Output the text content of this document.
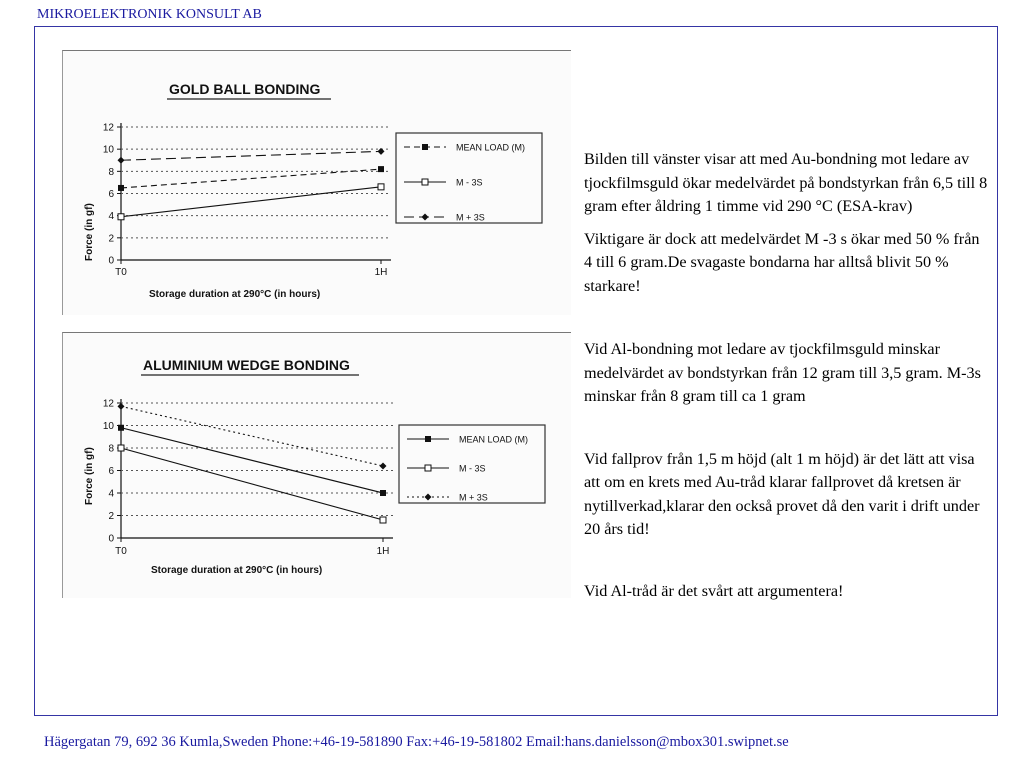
MIKROELEKTRONIK KONSULT AB
GOLD BALL BONDING
0
2
4
6
8
10
12
T0	1H
Force (in gf)
Storage duration at 290°C (in hours)
MEAN LOAD (M)
M - 3S
M + 3S
ALUMINIUM WEDGE BONDING
0
2
4
6
8
10
12
T0	1H
Force (in gf)
Storage duration at 290°C (in hours)
MEAN LOAD (M)
M - 3S
M + 3S

Bilden till vänster visar att med Au-bondning mot ledare av tjockfilmsguld ökar medelvärdet på bondstyrkan från 6,5 till 8 gram efter åldring 1 timme vid 290 °C (ESA-krav)

Viktigare är dock att medelvärdet M -3 s ökar med 50 % från 4 till 6 gram.De svagaste bondarna har alltså blivit 50 % starkare!

Vid Al-bondning mot ledare av tjockfilmsguld minskar medelvärdet av bondstyrkan från 12 gram till 3,5 gram. M-3s minskar från 8 gram till ca 1 gram

Vid fallprov från 1,5 m höjd (alt 1 m höjd) är det lätt att visa att om en krets med Au-tråd klarar fallprovet då kretsen är nytillverkad,klarar den också provet då den varit i drift under 20 års tid!

Vid Al-tråd är det svårt att argumentera!

Hägergatan 79, 692 36 Kumla,Sweden Phone:+46-19-581890 Fax:+46-19-581802 Email:hans.danielsson@mbox301.swipnet.se
